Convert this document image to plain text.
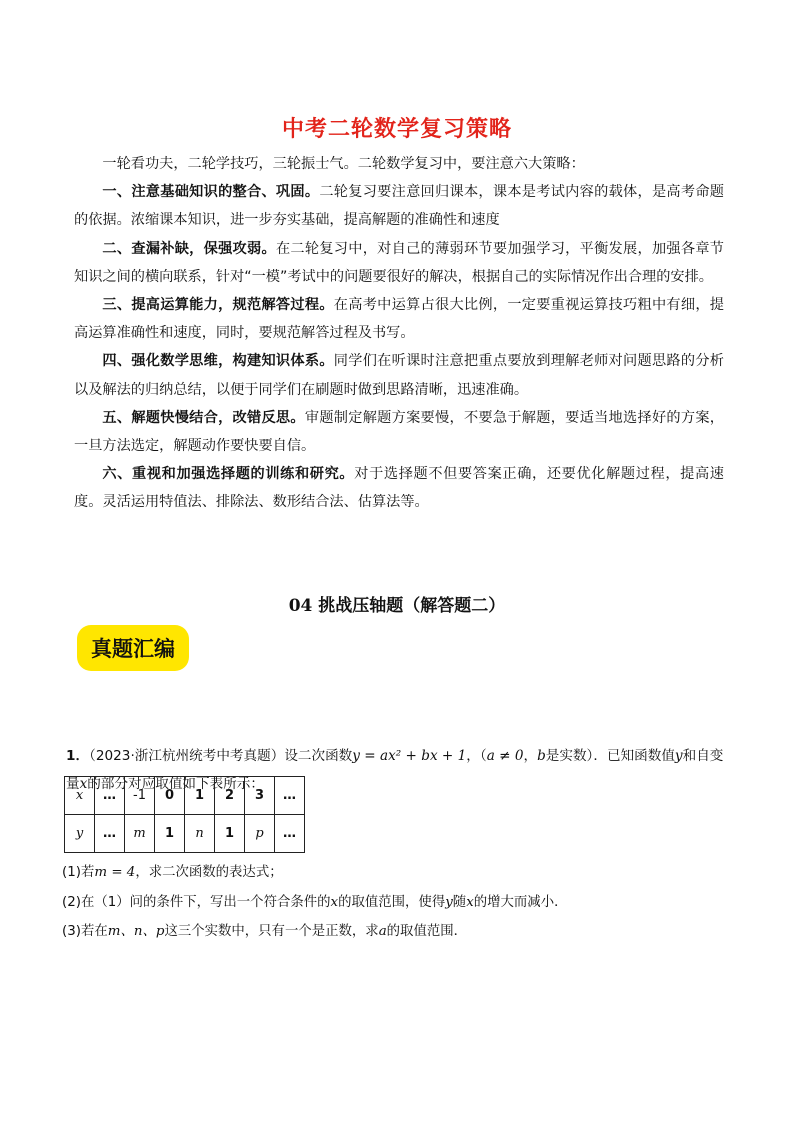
中考二轮数学复习策略

一轮看功夫，二轮学技巧，三轮振士气。二轮数学复习中，要注意六大策略：

一、注意基础知识的整合、巩固。二轮复习要注意回归课本，课本是考试内容的载体，是高考命题的依据。浓缩课本知识，进一步夯实基础，提高解题的准确性和速度

二、查漏补缺，保强攻弱。在二轮复习中，对自己的薄弱环节要加强学习，平衡发展，加强各章节知识之间的横向联系，针对“一模”考试中的问题要很好的解决，根据自己的实际情况作出合理的安排。

三、提高运算能力，规范解答过程。在高考中运算占很大比例，一定要重视运算技巧粗中有细，提高运算准确性和速度，同时，要规范解答过程及书写。

四、强化数学思维，构建知识体系。同学们在听课时注意把重点要放到理解老师对问题思路的分析以及解法的归纳总结，以便于同学们在刷题时做到思路清晰，迅速准确。

五、解题快慢结合，改错反思。审题制定解题方案要慢，不要急于解题，要适当地选择好的方案，一旦方法选定，解题动作要快要自信。

六、重视和加强选择题的训练和研究。对于选择题不但要答案正确，还要优化解题过程，提高速度。灵活运用特值法、排除法、数形结合法、估算法等。

04 挑战压轴题（解答题二）
真题汇编

1．（2023·浙江杭州统考中考真题）设二次函数y = ax² + bx + 1，（a ≠ 0，b是实数）．已知函数值y和自变

量x的部分对应取值如下表所示：

x	…	-1	0	1	2	3	…
y	…	m	1	n	1	p	…

(1)若m = 4，求二次函数的表达式；

(2)在（1）问的条件下，写出一个符合条件的x的取值范围，使得y随x的增大而减小．

(3)若在m、n、p这三个实数中，只有一个是正数，求a的取值范围．
